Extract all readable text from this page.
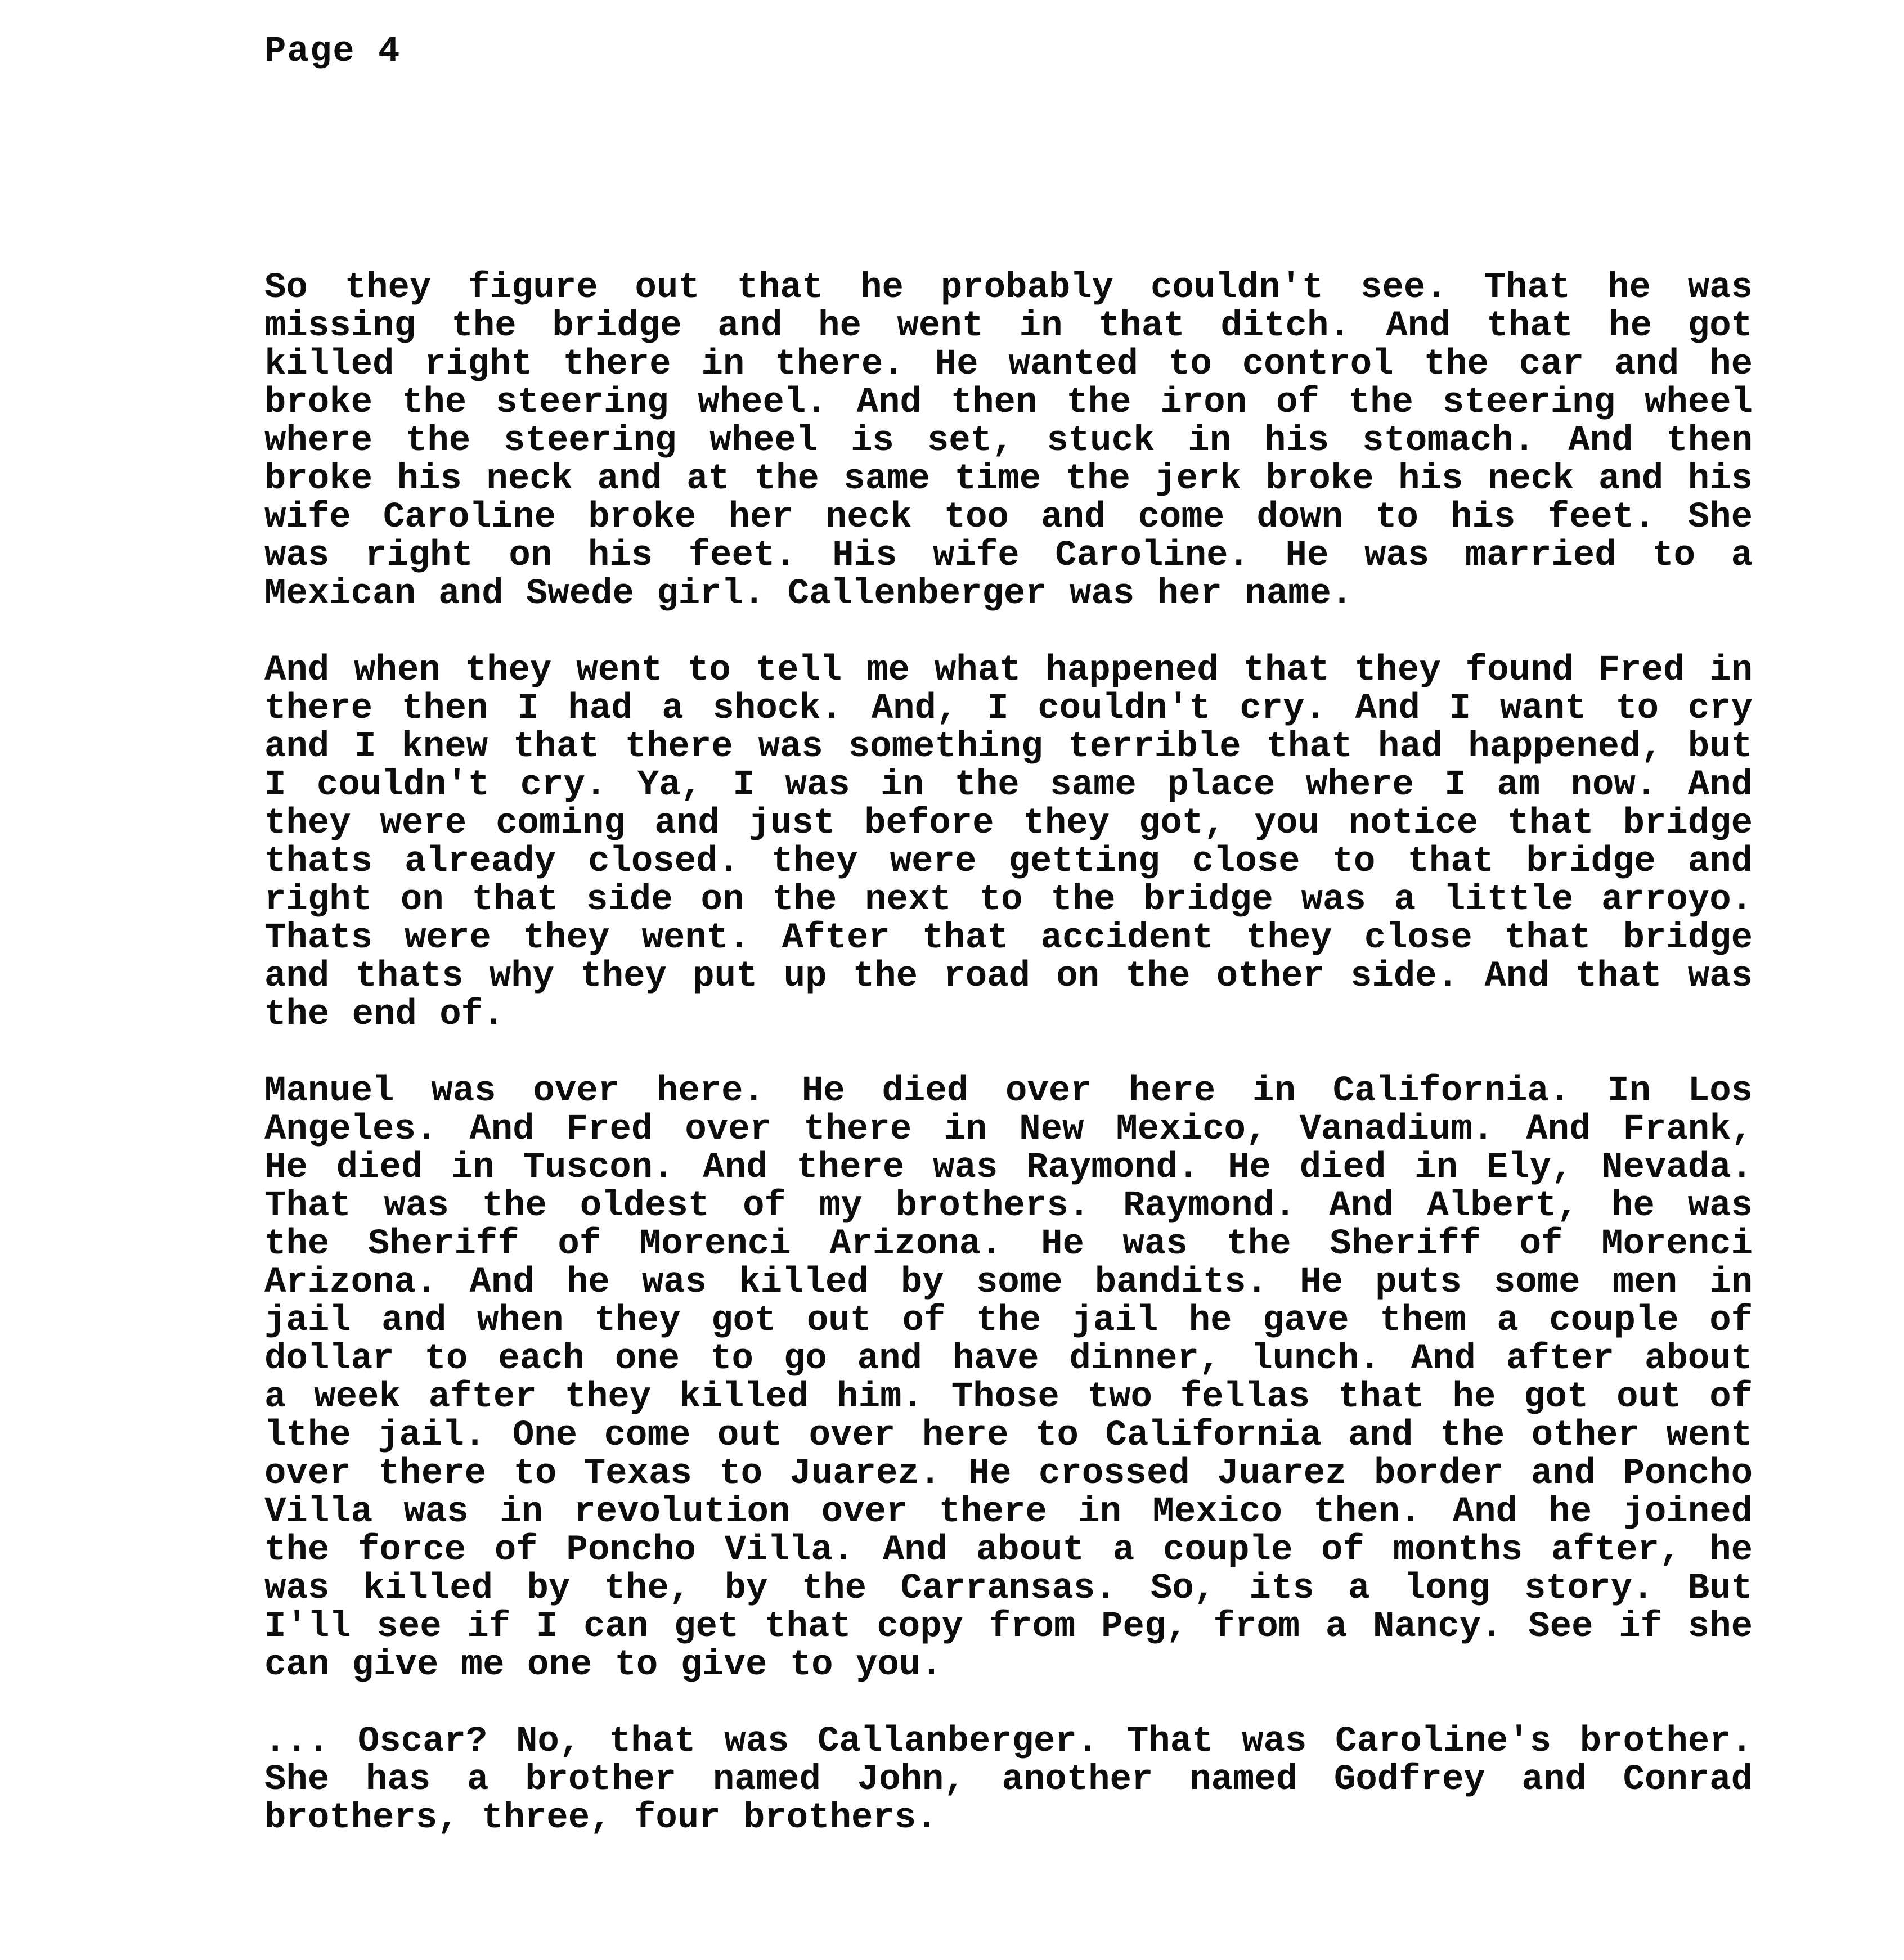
Page 4
So they figure out that he probably couldn't see. That he was
missing the bridge and he went in that ditch. And that he got
killed right there in there. He wanted to control the car and he
broke the steering wheel. And then the iron of the steering wheel
where the steering wheel is set, stuck in his stomach. And then
broke his neck and at the same time the jerk broke his neck and his
wife Caroline broke her neck too and come down to his feet. She
was right on his feet. His wife Caroline. He was married to a
Mexican and Swede girl. Callenberger was her name.
And when they went to tell me what happened that they found Fred in
there then I had a shock. And, I couldn't cry. And I want to cry
and I knew that there was something terrible that had happened, but
I couldn't cry. Ya, I was in the same place where I am now. And
they were coming and just before they got, you notice that bridge
thats already closed. they were getting close to that bridge and
right on that side on the next to the bridge was a little arroyo.
Thats were they went. After that accident they close that bridge
and thats why they put up the road on the other side. And that was
the end of.
Manuel was over here. He died over here in California. In Los
Angeles. And Fred over there in New Mexico, Vanadium. And Frank,
He died in Tuscon. And there was Raymond. He died in Ely, Nevada.
That was the oldest of my brothers. Raymond. And Albert, he was
the Sheriff of Morenci Arizona. He was the Sheriff of Morenci
Arizona. And he was killed by some bandits. He puts some men in
jail and when they got out of the jail he gave them a couple of
dollar to each one to go and have dinner, lunch. And after about
a week after they killed him. Those two fellas that he got out of
lthe jail. One come out over here to California and the other went
over there to Texas to Juarez. He crossed Juarez border and Poncho
Villa was in revolution over there in Mexico then. And he joined
the force of Poncho Villa. And about a couple of months after, he
was killed by the, by the Carransas. So, its a long story. But
I'll see if I can get that copy from Peg, from a Nancy. See if she
can give me one to give to you.
... Oscar? No, that was Callanberger. That was Caroline's brother.
She has a brother named John, another named Godfrey and Conrad
brothers, three, four brothers.
